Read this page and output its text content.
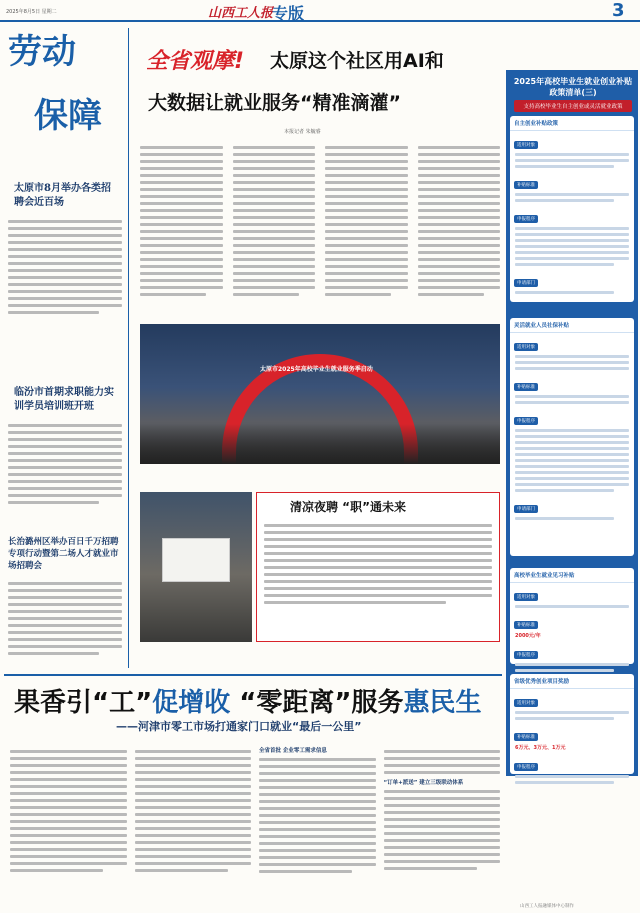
2025年8月5日 星期二	山西工人报
专版	3
劳动
保障
太原市8月举办各类招聘会近百场
临汾市首期求职能力实训学员培训班开班
长治潞州区举办百日千万招聘专项行动暨第二场人才就业市场招聘会
全省观摩! 太原这个社区用AI和
大数据让就业服务“精准滴灌”
本报记者 朱毓睿
太原市2025年高校毕业生就业服务季启动
清凉夜聘 “职”通未来
2025年高校毕业生就业创业补贴政策清单(三)
支持高校毕业生自主创业或灵活就业政策
自主创业补贴政策
适用对象
补贴标准
申报程序
申请部门
灵活就业人员社保补贴
适用对象
补贴标准
申报程序
申请部门
高校毕业生就业见习补贴
适用对象
补贴标准
2000元/年
申报程序
省级优秀创业项目奖励
适用对象
补贴标准
6万元、3万元、1万元
申报程序
果香引“工”促增收 “零距离”服务惠民生
——河津市零工市场打通家门口就业“最后一公里”
全省首批 企业零工需求信息
“订单+派送” 建立三级联动体系
山西工人报融媒体中心制作
